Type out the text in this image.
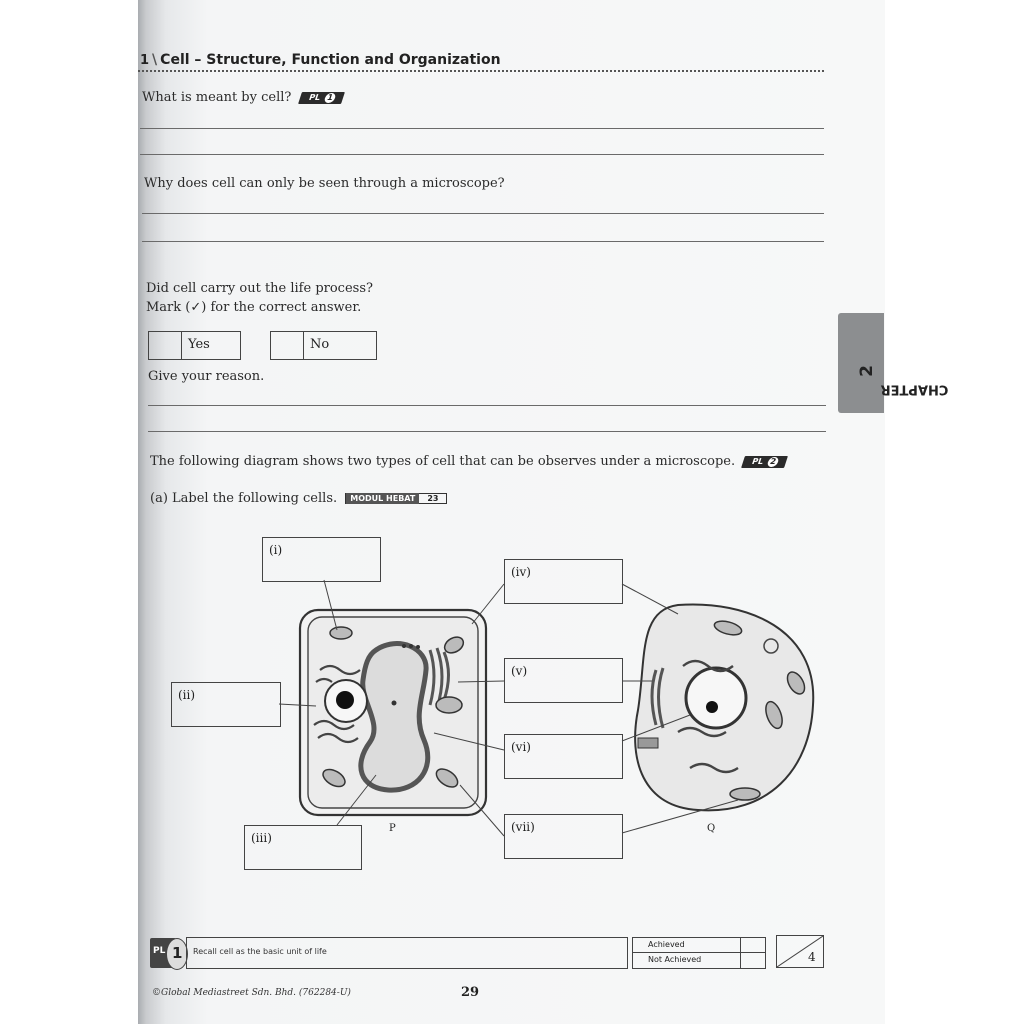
1 \ Cell – Structure, Function and Organization
What is meant by cell? PL 1
Why does cell can only be seen through a microscope?
Did cell carry out the life process?
Mark (✓) for the correct answer.
Yes	No
Give your reason.
The following diagram shows two types of cell that can be observes under a microscope. PL 2
(a) Label the following cells. MODUL HEBAT 23
(i)
(ii)
(iii)
(iv)
(v)
(vi)
(vii)
P	Q
PL 1 Recall cell as the basic unit of life
Achieved
Not Achieved	4
©Global Mediastreet Sdn. Bhd. (762284-U)	29
CHAPTER
2
